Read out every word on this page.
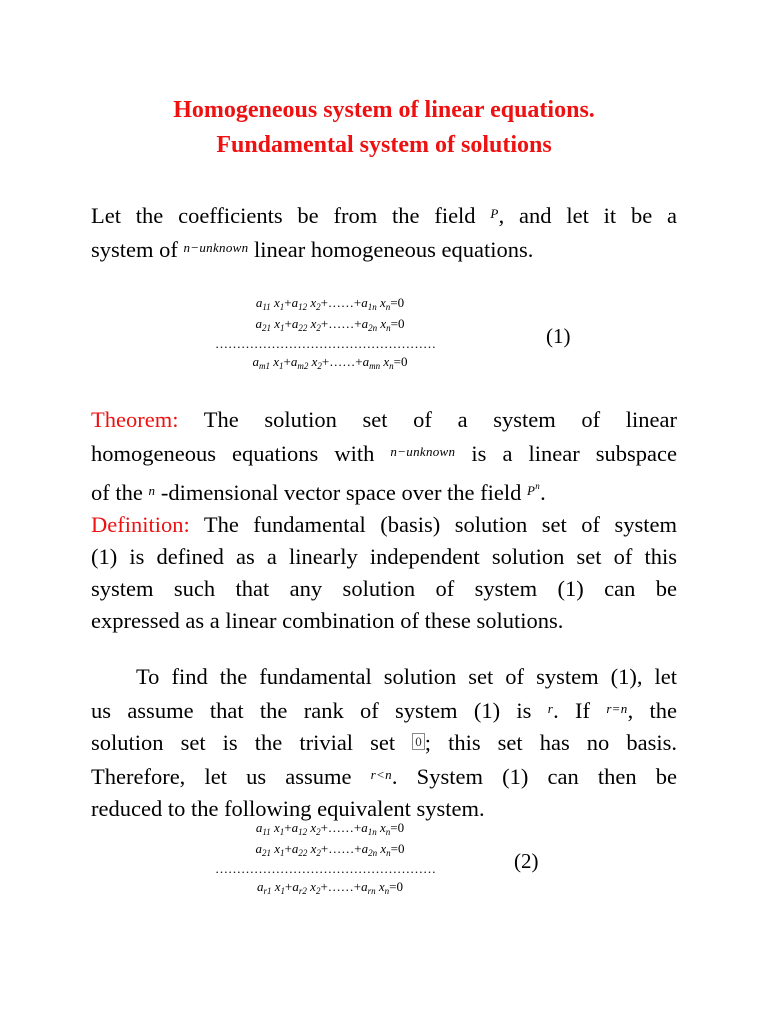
Homogeneous system of linear equations.
Fundamental system of solutions
Let the coefficients be from the field $^P$, and let it be a
system of $^{n-unknown}$ linear homogeneous equations.
$a_{11}$ $x_1+a_{12}$ $x_2+\dots\dots+a_{1n}$ $x_n=0$
$a_{21}$ $x_1+a_{22}$ $x_2+\dots\dots+a_{2n}$ $x_n=0$
……………………………………………
$a_{m1}$ $x_1+a_{m2}$ $x_2+\dots\dots+a_{mn}$ $x_n=0$
(1)
Theorem: The solution set of a system of linear
homogeneous equations with $^{n-unknown}$ is a linear subspace
of the $^n$ -dimensional vector space over the field $^{P^n}$.
Definition: The fundamental (basis) solution set of system
(1) is defined as a linearly independent solution set of this
system such that any solution of system (1) can be
expressed as a linear combination of these solutions.
To find the fundamental solution set of system (1), let
us assume that the rank of system (1) is $^r$. If $^{r=n}$, the
solution set is the trivial set 0 ; this set has no basis.
Therefore, let us assume $^{r<n}$. System (1) can then be
reduced to the following equivalent system.
$a_{11}$ $x_1+a_{12}$ $x_2+\dots\dots+a_{1n}$ $x_n=0$
$a_{21}$ $x_1+a_{22}$ $x_2+\dots\dots+a_{2n}$ $x_n=0$
……………………………………………
$a_{r1}$ $x_1+a_{r2}$ $x_2+\dots\dots+a_{rn}$ $x_n=0$
(2)
